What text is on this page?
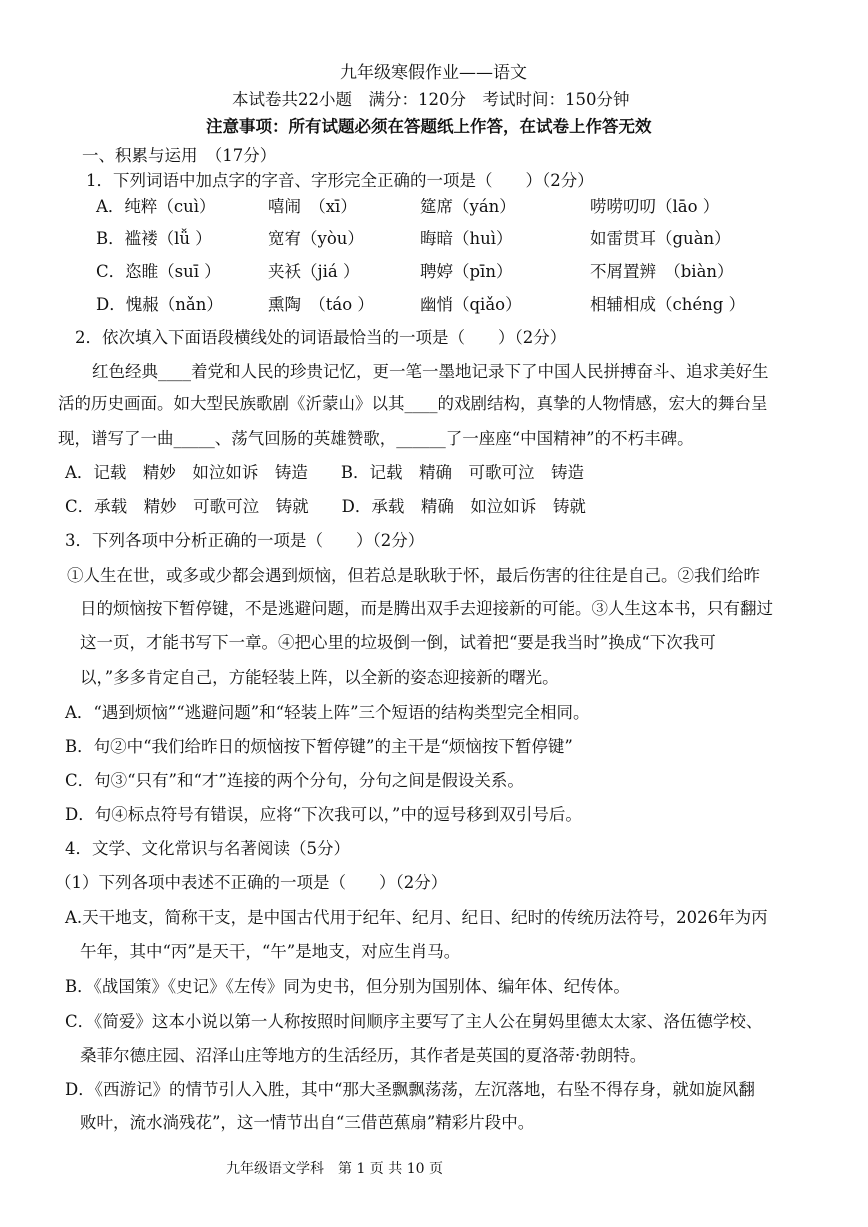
九年级寒假作业——语文
本试卷共22小题　满分：120分　考试时间：150分钟
注意事项：所有试题必须在答题纸上作答，在试卷上作答无效
一、积累与运用　（17分）
1．下列词语中加点字的字音、字形完全正确的一项是（　　）（2分）
A．纯粹（cuì）	嘻闹　（xī）	筵席（yán）	唠唠叨叨（lāo ）
B．褴褛（lǚ ）	宽宥（yòu）	晦暗（huì）	如雷贯耳（guàn）
C．恣睢（suī ）	夹袄（jiá ）	聘婷（pīn）	不屑置辨　（biàn）
D．愧赧（nǎn）	熏陶　（táo ）	幽悄（qiǎo）	相辅相成（chéng ）
2．依次填入下面语段横线处的词语最恰当的一项是（　　）（2分）
红色经典____着党和人民的珍贵记忆，更一笔一墨地记录下了中国人民拼搏奋斗、追求美好生
活的历史画面。如大型民族歌剧《沂蒙山》以其____的戏剧结构，真挚的人物情感，宏大的舞台呈
现，谱写了一曲_____、荡气回肠的英雄赞歌，______了一座座“中国精神”的不朽丰碑。
A．记载　精妙　如泣如诉　铸造　　B．记载　精确　可歌可泣　铸造
C．承载　精妙　可歌可泣　铸就　　D．承载　精确　如泣如诉　铸就
3．下列各项中分析正确的一项是（　　）（2分）
①人生在世，或多或少都会遇到烦恼，但若总是耿耿于怀，最后伤害的往往是自己。②我们给昨
日的烦恼按下暂停键，不是逃避问题，而是腾出双手去迎接新的可能。③人生这本书，只有翻过
这一页，才能书写下一章。④把心里的垃圾倒一倒，试着把“要是我当时”换成“下次我可
以，”多多肯定自己，方能轻装上阵，以全新的姿态迎接新的曙光。
A．“遇到烦恼”“逃避问题”和“轻装上阵”三个短语的结构类型完全相同。
B．句②中“我们给昨日的烦恼按下暂停键”的主干是“烦恼按下暂停键”
C．句③“只有”和“才”连接的两个分句，分句之间是假设关系。
D．句④标点符号有错误，应将“下次我可以，”中的逗号移到双引号后。
4．文学、文化常识与名著阅读（5分）
（1）下列各项中表述不正确的一项是（　　）（2分）
A.天干地支，简称干支，是中国古代用于纪年、纪月、纪日、纪时的传统历法符号，2026年为丙
午年，其中“丙”是天干，“午”是地支，对应生肖马。
B．《战国策》《史记》《左传》同为史书，但分别为国别体、编年体、纪传体。
C．《简爱》这本小说以第一人称按照时间顺序主要写了主人公在舅妈里德太太家、洛伍德学校、
桑菲尔德庄园、沼泽山庄等地方的生活经历，其作者是英国的夏洛蒂·勃朗特。
D．《西游记》的情节引人入胜，其中“那大圣飘飘荡荡，左沉落地，右坠不得存身，就如旋风翻
败叶，流水淌残花”，这一情节出自“三借芭蕉扇”精彩片段中。
九年级语文学科　第 1 页 共 10 页
